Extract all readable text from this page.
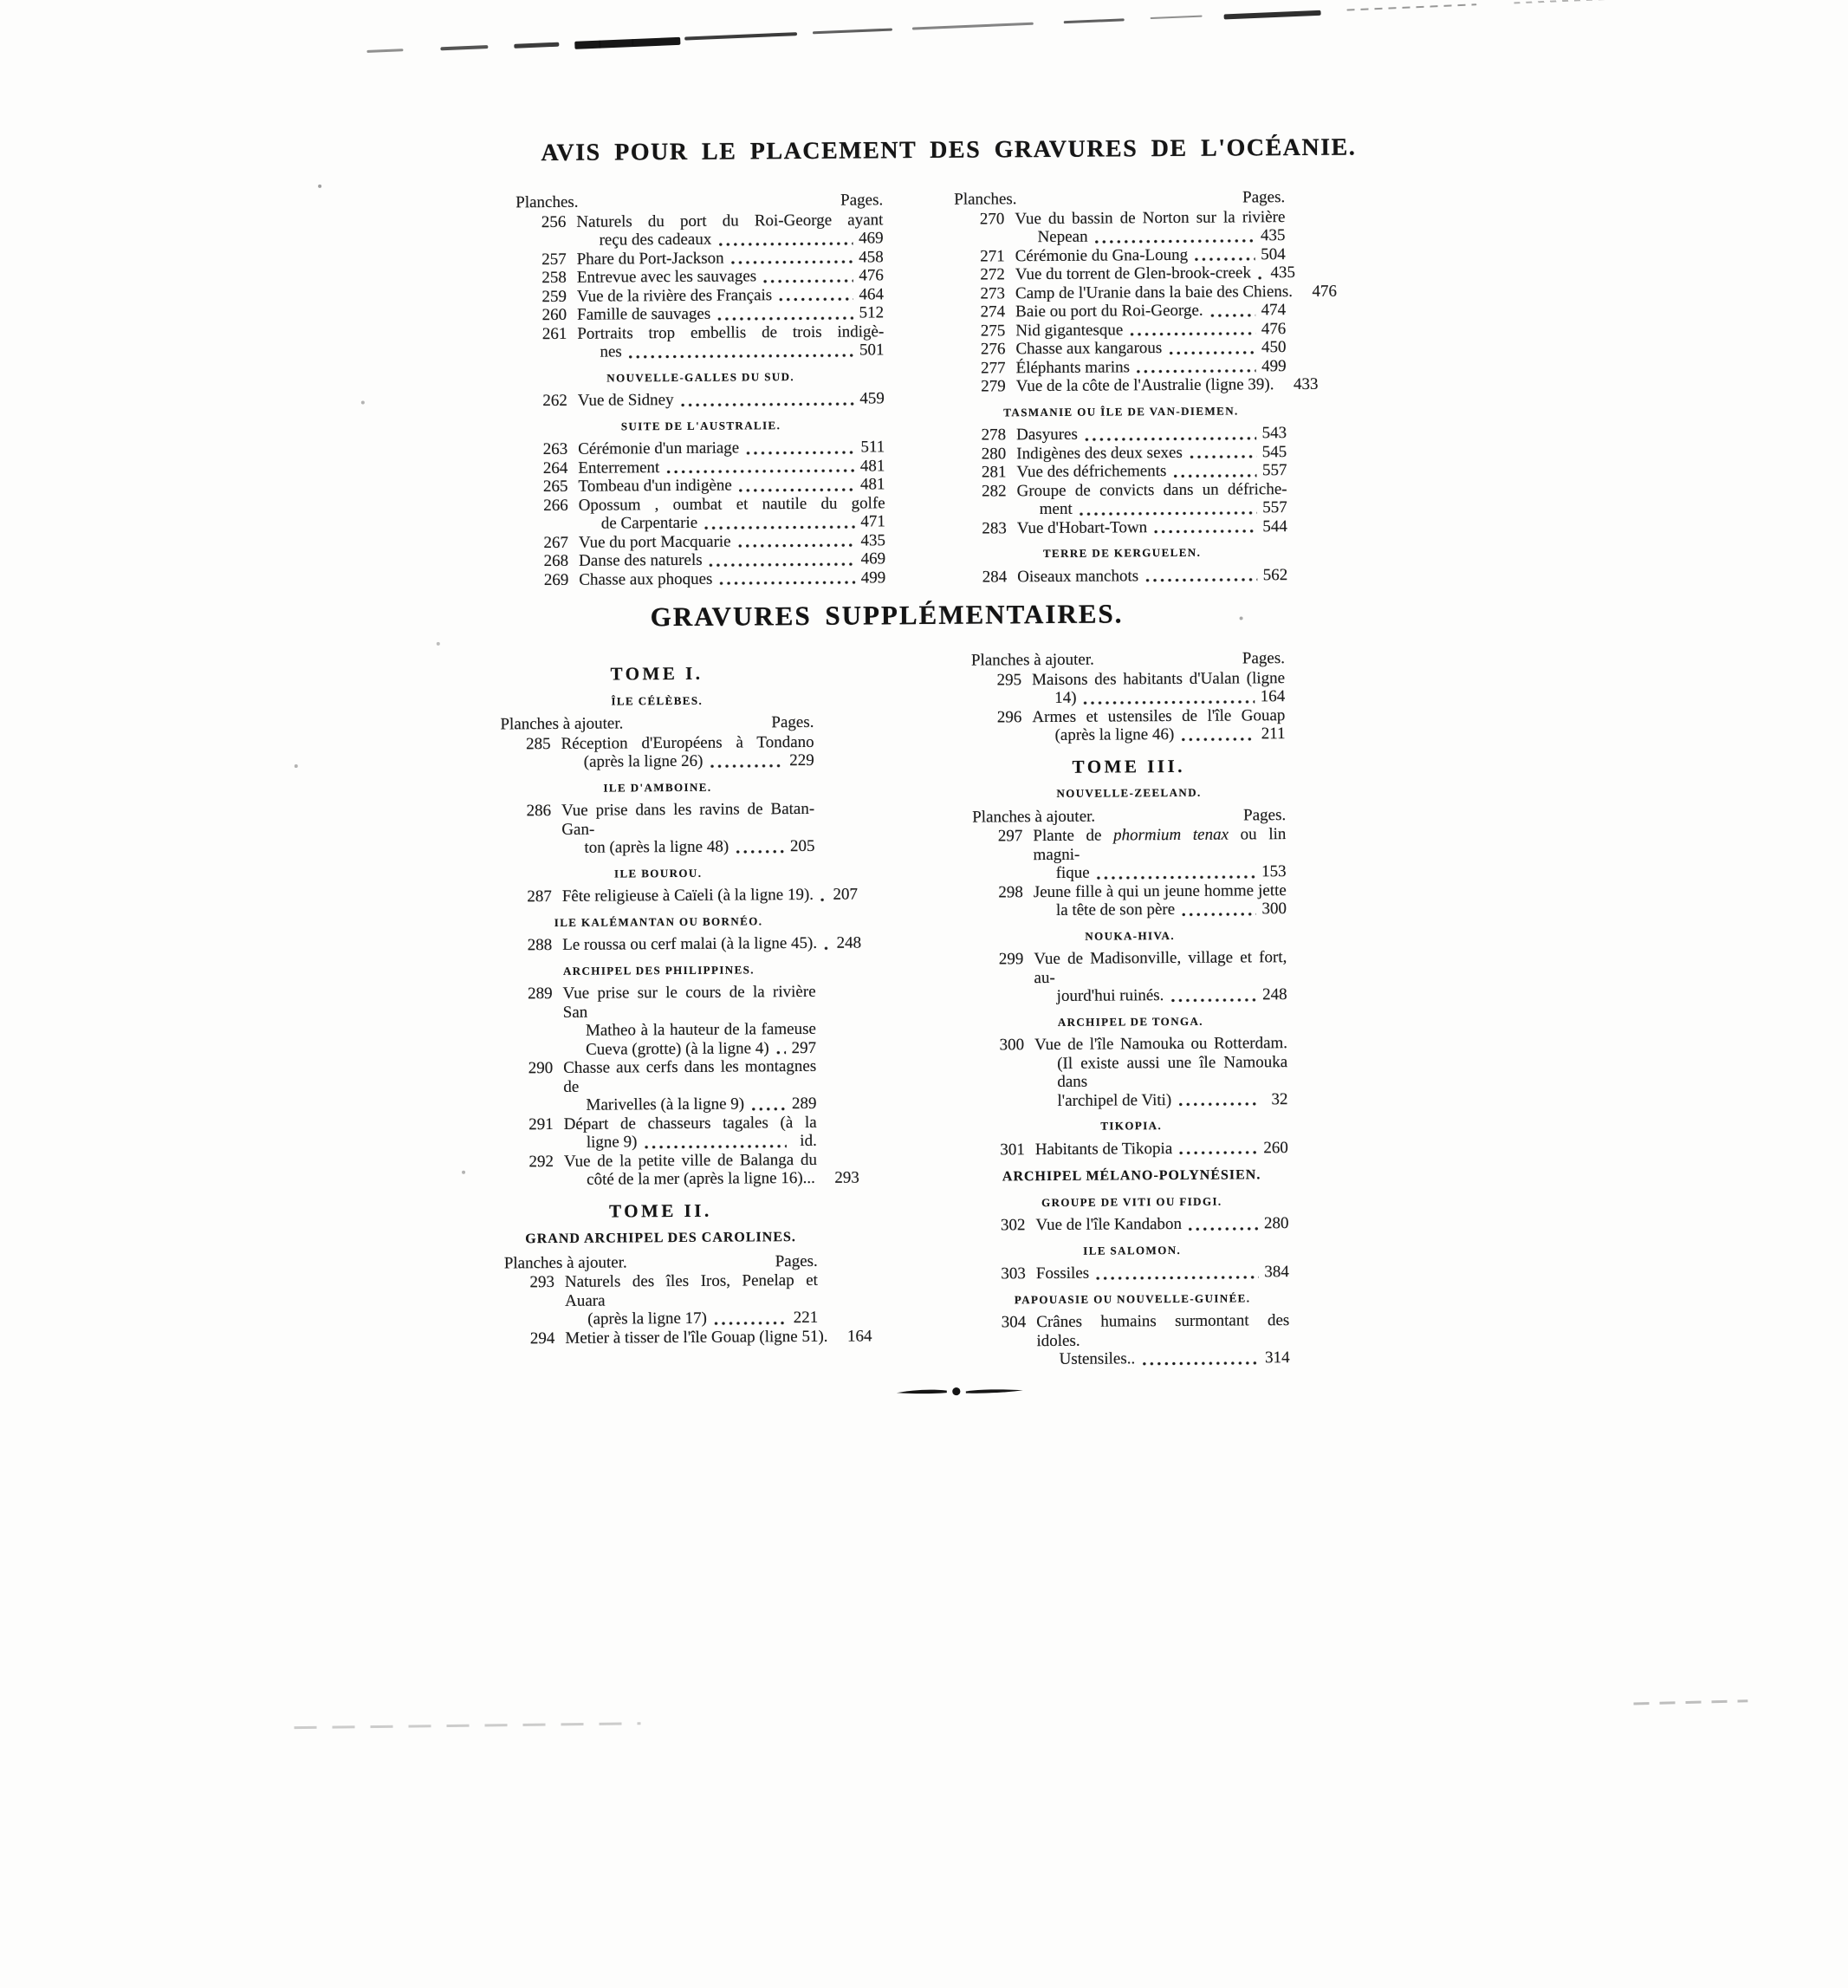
AVIS POUR LE PLACEMENT DES GRAVURES DE L'OCÉANIE.
Planches.	Pages.
256 Naturels du port du Roi-George ayant
reçu des cadeaux	469
257 Phare du Port-Jackson	458
258 Entrevue avec les sauvages	476
259 Vue de la rivière des Français	464
260 Famille de sauvages	512
261 Portraits trop embellis de trois indigè-
nes	501
NOUVELLE-GALLES DU SUD.
262 Vue de Sidney	459
SUITE DE L'AUSTRALIE.
263 Cérémonie d'un mariage	511
264 Enterrement	481
265 Tombeau d'un indigène	481
266 Opossum , oumbat et nautile du golfe
de Carpentarie	471
267 Vue du port Macquarie	435
268 Danse des naturels	469
269 Chasse aux phoques	499
Planches.	Pages.
270 Vue du bassin de Norton sur la rivière
Nepean	435
271 Cérémonie du Gna-Loung	504
272 Vue du torrent de Glen-brook-creek 435
273 Camp de l'Uranie dans la baie des Chiens. 476
274 Baie ou port du Roi-George.	474
275 Nid gigantesque	476
276 Chasse aux kangarous	450
277 Éléphants marins	499
279 Vue de la côte de l'Australie (ligne 39). 433
TASMANIE OU ÎLE DE VAN-DIEMEN.
278 Dasyures	543
280 Indigènes des deux sexes	545
281 Vue des défrichements	557
282 Groupe de convicts dans un défriche-
ment	557
283 Vue d'Hobart-Town	544
TERRE DE KERGUELEN.
284 Oiseaux manchots	562
GRAVURES SUPPLÉMENTAIRES.
TOME I.
ÎLE CÉLÈBES.
Planches à ajouter.	Pages.
285 Réception d'Européens à Tondano
(après la ligne 26)	229
ILE D'AMBOINE.
286 Vue prise dans les ravins de Batan-Gan-
ton (après la ligne 48)	205
ILE BOUROU.
287 Fête religieuse à Caïeli (à la ligne 19). 207
ILE KALÉMANTAN OU BORNÉO.
288 Le roussa ou cerf malai (à la ligne 45). 248
ARCHIPEL DES PHILIPPINES.
289 Vue prise sur le cours de la rivière San
Matheo à la hauteur de la fameuse
Cueva (grotte) (à la ligne 4) 297
290 Chasse aux cerfs dans les montagnes de
Marivelles (à la ligne 9)	289
291 Départ de chasseurs tagales (à la
ligne 9)	id.
292 Vue de la petite ville de Balanga du
côté de la mer (après la ligne 16)... 293
TOME II.
GRAND ARCHIPEL DES CAROLINES.
Planches à ajouter.	Pages.
293 Naturels des îles Iros, Penelap et Auara
(après la ligne 17)	221
294 Metier à tisser de l'île Gouap (ligne 51). 164
Planches à ajouter.	Pages.
295 Maisons des habitants d'Ualan (ligne
14)	164
296 Armes et ustensiles de l'île Gouap
(après la ligne 46)	211
TOME III.
NOUVELLE-ZEELAND.
Planches à ajouter.	Pages.
297 Plante de phormium tenax ou lin magni-
fique	153
298 Jeune fille à qui un jeune homme jette
la tête de son père	300
NOUKA-HIVA.
299 Vue de Madisonville, village et fort, au-
jourd'hui ruinés.	248
ARCHIPEL DE TONGA.
300 Vue de l'île Namouka ou Rotterdam.
(Il existe aussi une île Namouka dans
l'archipel de Viti)	32
TIKOPIA.
301 Habitants de Tikopia	260
ARCHIPEL MÉLANO-POLYNÉSIEN.
GROUPE DE VITI OU FIDGI.
302 Vue de l'île Kandabon	280
ILE SALOMON.
303 Fossiles	384
PAPOUASIE OU NOUVELLE-GUINÉE.
304 Crânes humains surmontant des idoles.
Ustensiles..	314
